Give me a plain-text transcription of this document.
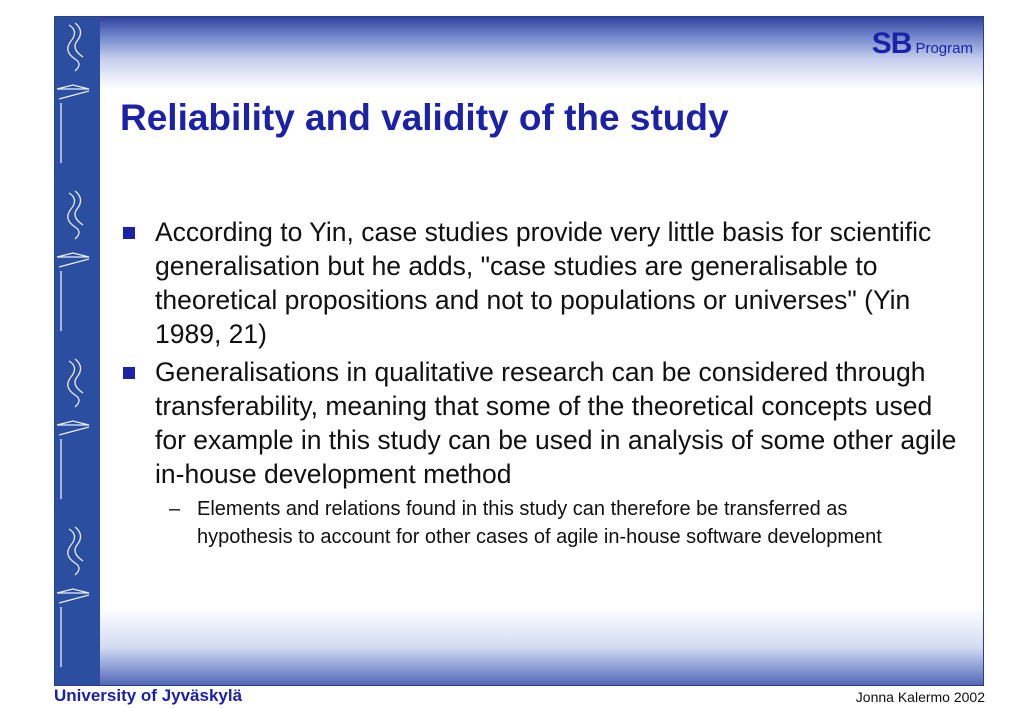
SB Program
Reliability and validity of the study
According to Yin, case studies provide very little basis for scientific generalisation but he adds, "case studies are generalisable to theoretical propositions and not to populations or universes" (Yin 1989, 21)
Generalisations in qualitative research can be considered through transferability, meaning that some of the theoretical concepts used for example in this study can be used in analysis of some other agile in-house development method
– Elements and relations found in this study can therefore be transferred as hypothesis to account for other cases of agile in-house software development
University of Jyväskylä	Jonna Kalermo 2002
